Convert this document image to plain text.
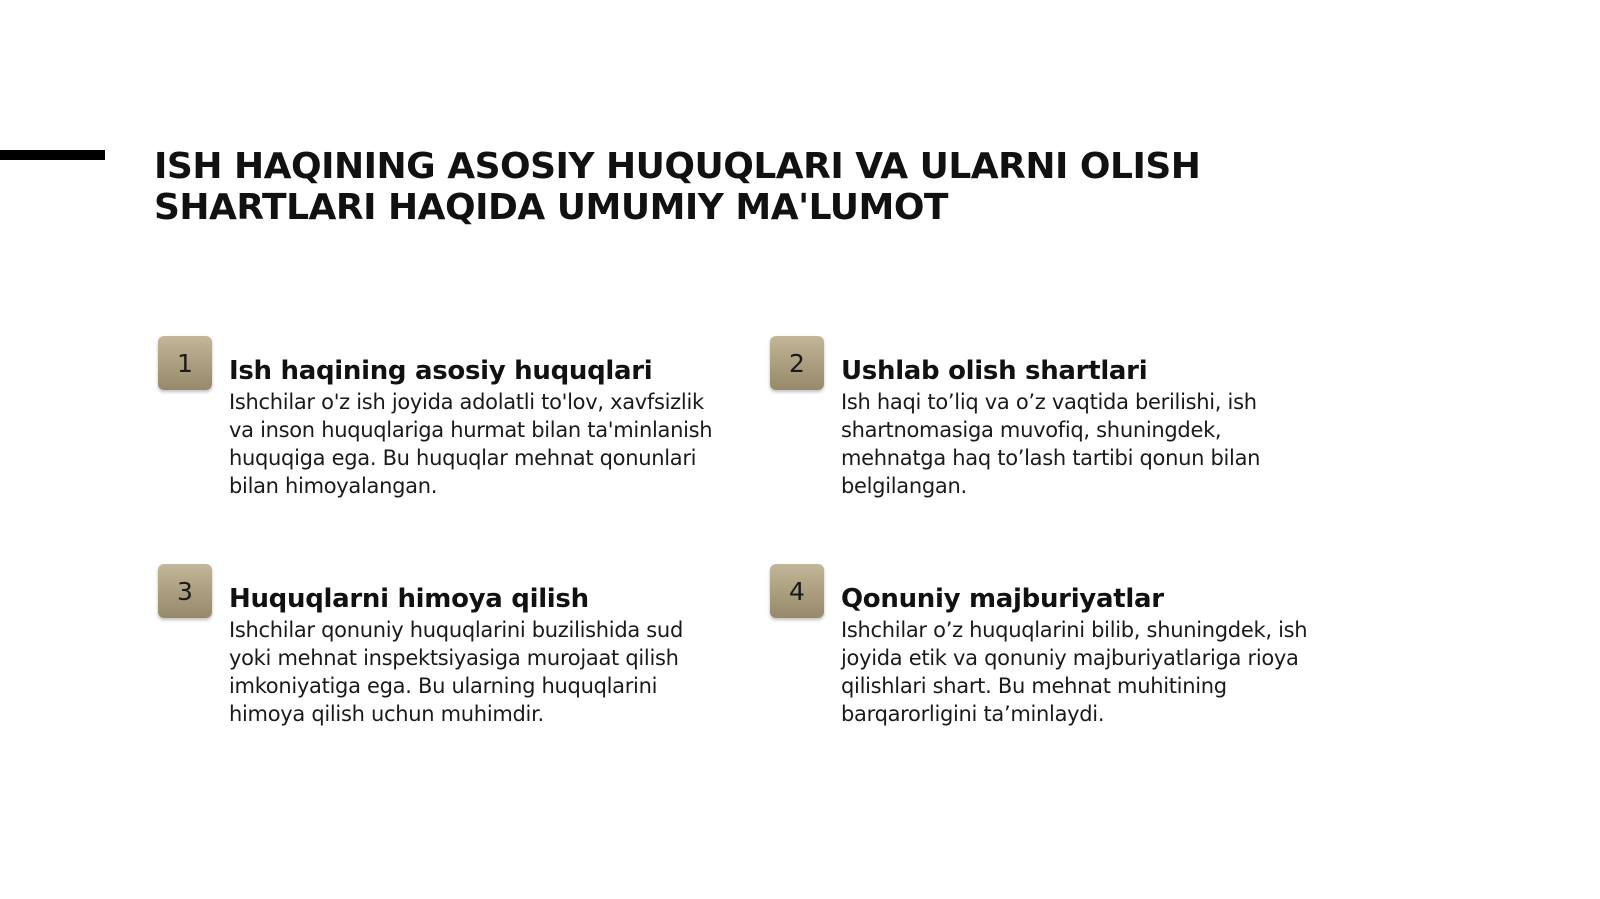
ISH HAQINING ASOSIY HUQUQLARI VA ULARNI OLISH
SHARTLARI HAQIDA UMUMIY MA'LUMOT
1	Ish haqining asosiy huquqlari

Ishchilar o'z ish joyida adolatli to'lov, xavfsizlik
va inson huquqlariga hurmat bilan ta'minlanish
huquqiga ega. Bu huquqlar mehnat qonunlari
bilan himoyalangan.

2	Ushlab olish shartlari

Ish haqi to’liq va o’z vaqtida berilishi, ish
shartnomasiga muvofiq, shuningdek,
mehnatga haq to’lash tartibi qonun bilan
belgilangan.

3	Huquqlarni himoya qilish

Ishchilar qonuniy huquqlarini buzilishida sud
yoki mehnat inspektsiyasiga murojaat qilish
imkoniyatiga ega. Bu ularning huquqlarini
himoya qilish uchun muhimdir.

4	Qonuniy majburiyatlar

Ishchilar o’z huquqlarini bilib, shuningdek, ish
joyida etik va qonuniy majburiyatlariga rioya
qilishlari shart. Bu mehnat muhitining
barqarorligini ta’minlaydi.
